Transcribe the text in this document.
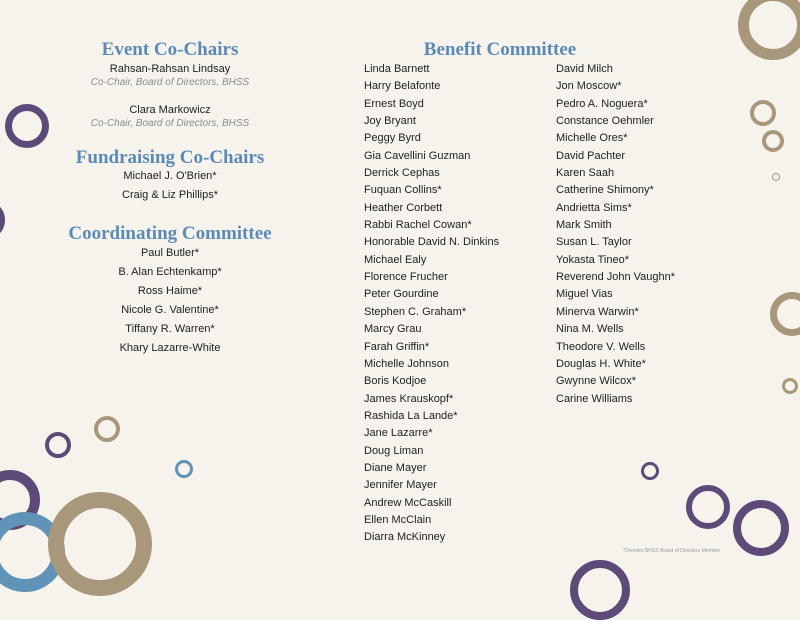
Event Co-Chairs

Rahsan-Rahsan Lindsay

Co-Chair, Board of Directors, BHSS

Clara Markowicz

Co-Chair, Board of Directors, BHSS

Fundraising Co-Chairs

Michael J. O'Brien*

Craig & Liz Phillips*

Coordinating Committee

Paul Butler*

B. Alan Echtenkamp*

Ross Haime*

Nicole G. Valentine*

Tiffany R. Warren*

Khary Lazarre-White

Benefit Committee
Linda Barnett
Harry Belafonte
Ernest Boyd
Joy Bryant
Peggy Byrd
Gia Cavellini Guzman
Derrick Cephas
Fuquan Collins*
Heather Corbett
Rabbi Rachel Cowan*
Honorable David N. Dinkins
Michael Ealy
Florence Frucher
Peter Gourdine
Stephen C. Graham*
Marcy Grau
Farah Griffin*
Michelle Johnson
Boris Kodjoe
James Krauskopf*
Rashida La Lande*
Jane Lazarre*
Doug Liman
Diane Mayer
Jennifer Mayer
Andrew McCaskill
Ellen McClain
Diarra McKinney
David Milch
Jon Moscow*
Pedro A. Noguera*
Constance Oehmler
Michelle Ores*
David Pachter
Karen Saah
Catherine Shimony*
Andrietta Sims*
Mark Smith
Susan L. Taylor
Yokasta Tineo*
Reverend John Vaughn*
Miguel Vias
Minerva Warwin*
Nina M. Wells
Theodore V. Wells
Douglas H. White*
Gwynne Wilcox*
Carine Williams
*Denotes BHSS Board of Directors Member
